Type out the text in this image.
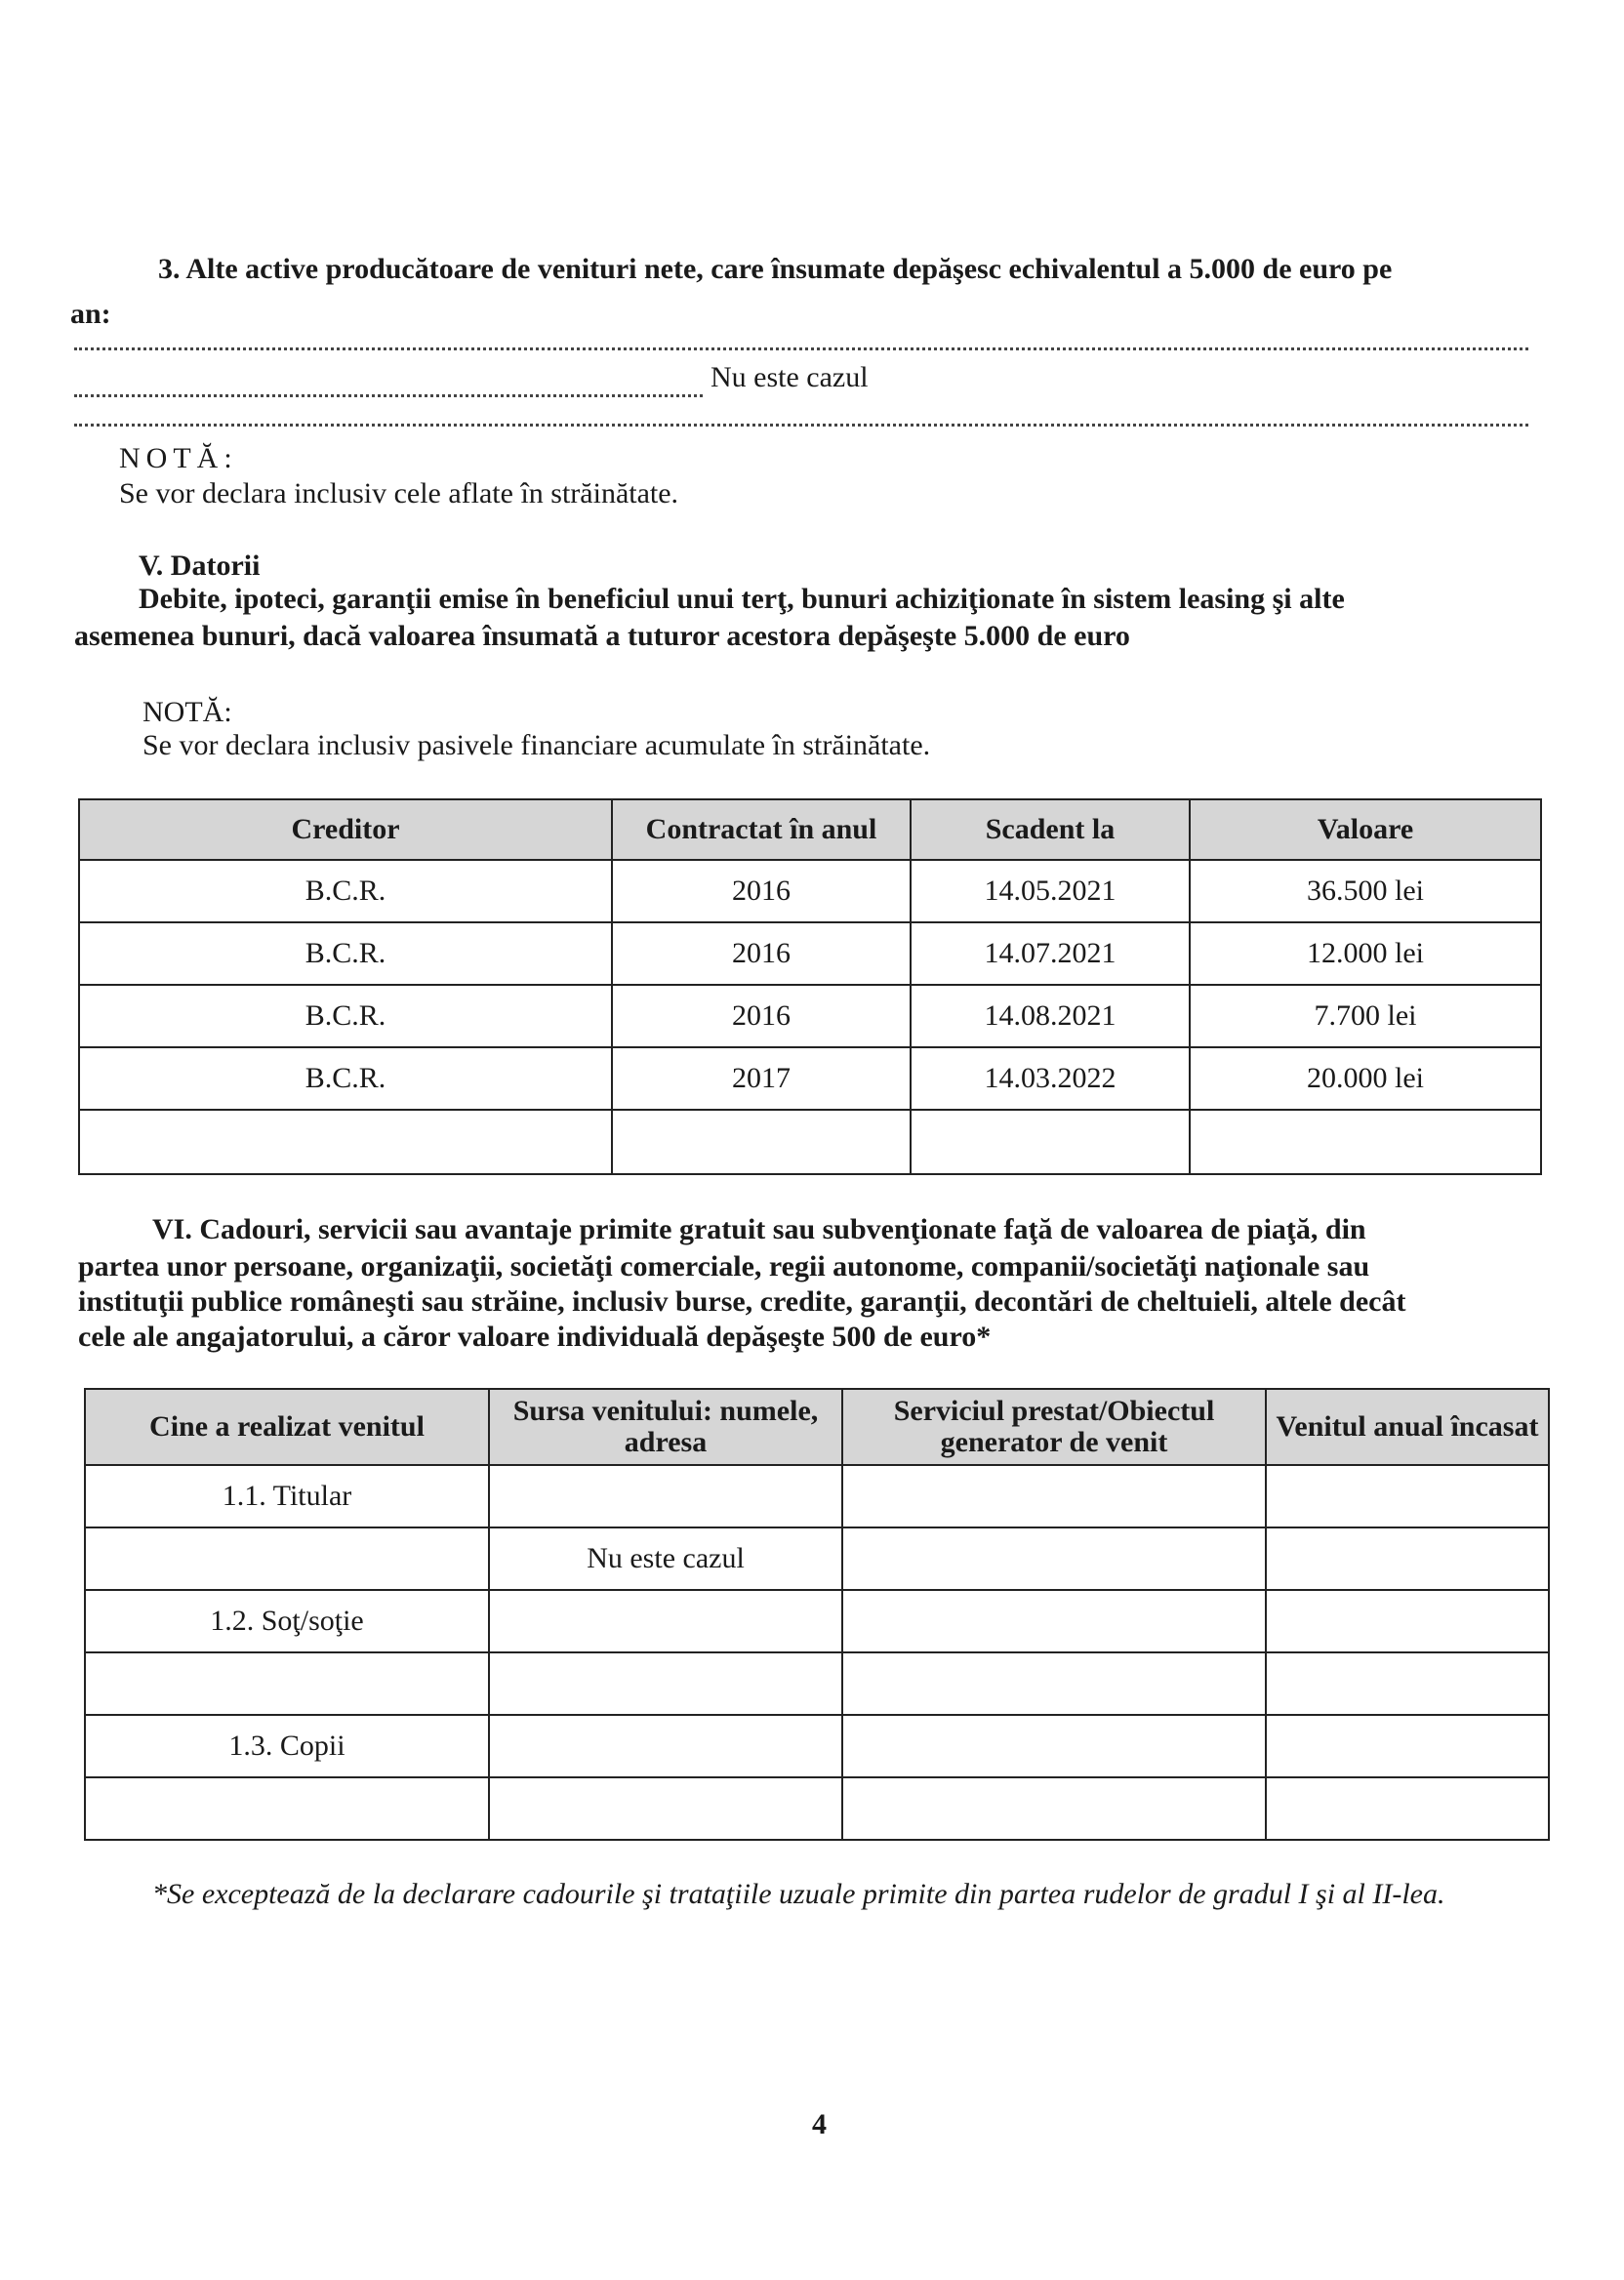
3. Alte active producătoare de venituri nete, care însumate depăşesc echivalentul a 5.000 de euro pe
an:
Nu este cazul
NOTĂ:
Se vor declara inclusiv cele aflate în străinătate.
V. Datorii
Debite, ipoteci, garanţii emise în beneficiul unui terţ, bunuri achiziţionate în sistem leasing şi alte
asemenea bunuri, dacă valoarea însumată a tuturor acestora depăşeşte 5.000 de euro
NOTĂ:
Se vor declara inclusiv pasivele financiare acumulate în străinătate.
Creditor	Contractat în anul	Scadent la	Valoare
B.C.R.	2016	14.05.2021	36.500 lei
B.C.R.	2016	14.07.2021	12.000 lei
B.C.R.	2016	14.08.2021	7.700 lei
B.C.R.	2017	14.03.2022	20.000 lei

VI. Cadouri, servicii sau avantaje primite gratuit sau subvenţionate faţă de valoarea de piaţă, din
partea unor persoane, organizaţii, societăţi comerciale, regii autonome, companii/societăţi naţionale sau
instituţii publice româneşti sau străine, inclusiv burse, credite, garanţii, decontări de cheltuieli, altele decât
cele ale angajatorului, a căror valoare individuală depăşeşte 500 de euro*
Cine a realizat venitul	Sursa venitului: numele, adresa	Serviciul prestat/Obiectul generator de venit	Venitul anual încasat
1.1. Titular			
	Nu este cazul		
1.2. Soţ/soţie			

1.3. Copii			

*Se exceptează de la declarare cadourile şi trataţiile uzuale primite din partea rudelor de gradul I şi al II-lea.
4
